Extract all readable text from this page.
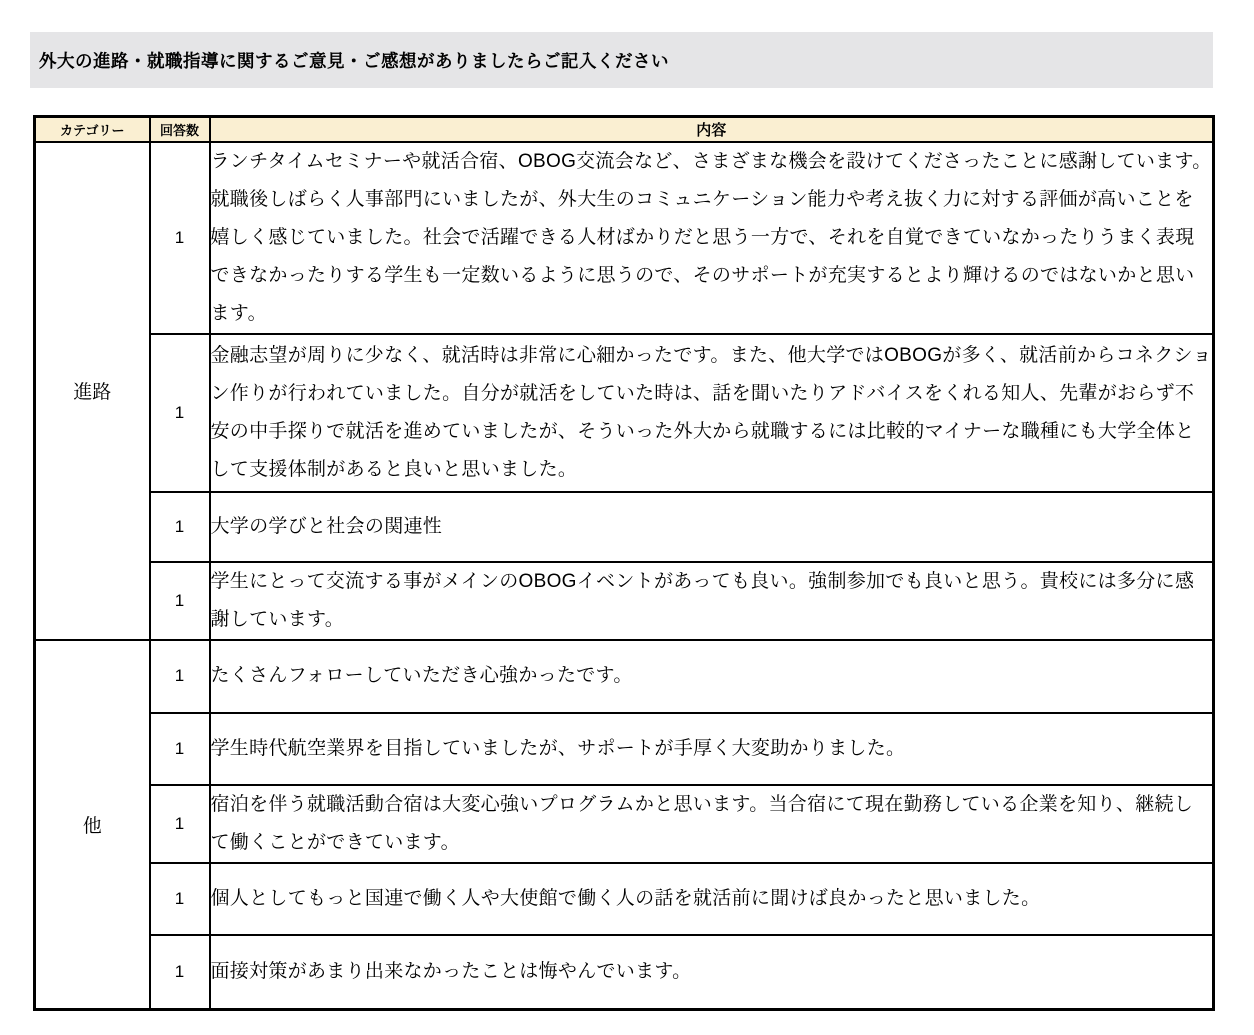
外大の進路・就職指導に関するご意見・ご感想がありましたらご記入ください
カテゴリー	回答数	内容
進路	1	ランチタイムセミナーや就活合宿、OBOG交流会など、さまざまな機会を設けてくださったことに感謝しています。就職後しばらく人事部門にいましたが、外大生のコミュニケーション能力や考え抜く力に対する評価が高いことを嬉しく感じていました。社会で活躍できる人材ばかりだと思う一方で、それを自覚できていなかったりうまく表現できなかったりする学生も一定数いるように思うので、そのサポートが充実するとより輝けるのではないかと思います。
	1	金融志望が周りに少なく、就活時は非常に心細かったです。また、他大学ではOBOGが多く、就活前からコネクション作りが行われていました。自分が就活をしていた時は、話を聞いたりアドバイスをくれる知人、先輩がおらず不安の中手探りで就活を進めていましたが、そういった外大から就職するには比較的マイナーな職種にも大学全体として支援体制があると良いと思いました。
	1	大学の学びと社会の関連性
	1	学生にとって交流する事がメインのOBOGイベントがあっても良い。強制参加でも良いと思う。貴校には多分に感謝しています。
他	1	たくさんフォローしていただき心強かったです。
	1	学生時代航空業界を目指していましたが、サポートが手厚く大変助かりました。
	1	宿泊を伴う就職活動合宿は大変心強いプログラムかと思います。当合宿にて現在勤務している企業を知り、継続して働くことができています。
	1	個人としてもっと国連で働く人や大使館で働く人の話を就活前に聞けば良かったと思いました。
	1	面接対策があまり出来なかったことは悔やんでいます。
